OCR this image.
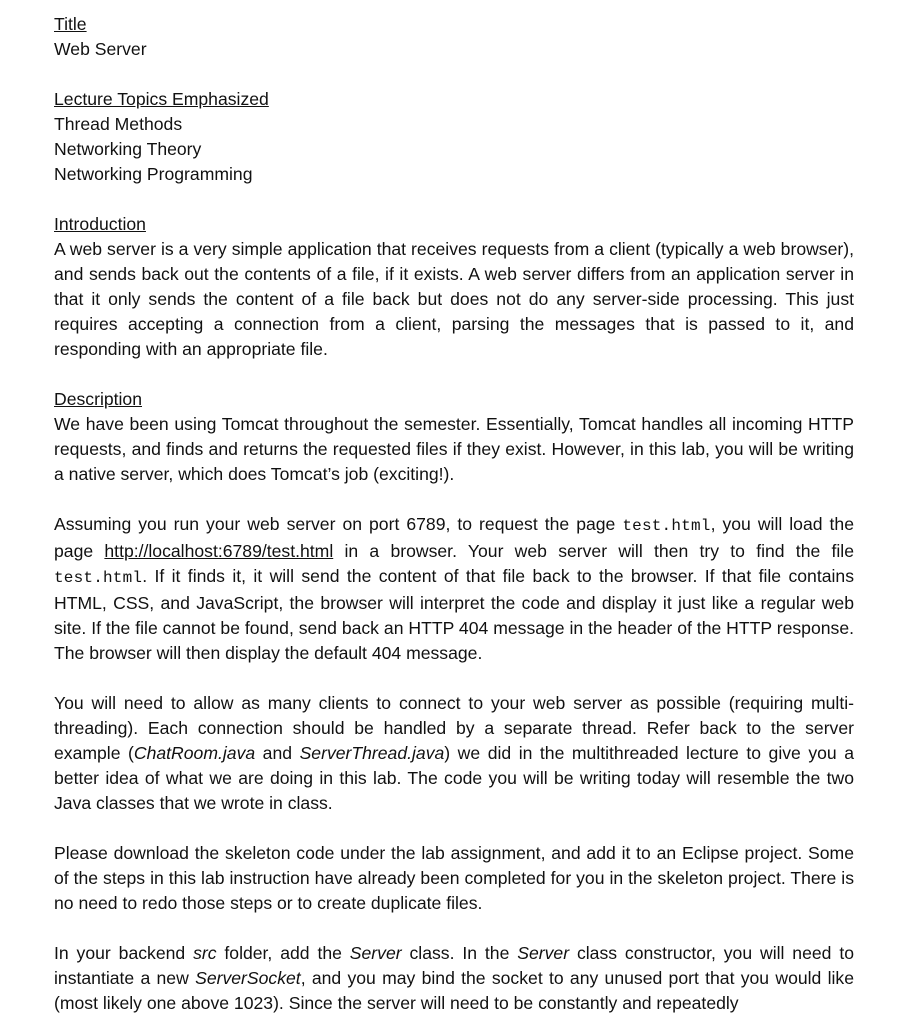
Title
Web Server
Lecture Topics Emphasized
Thread Methods
Networking Theory
Networking Programming
Introduction

A web server is a very simple application that receives requests from a client (typically a web browser), and sends back out the contents of a file, if it exists. A web server differs from an application server in that it only sends the content of a file back but does not do any server-side processing. This just requires accepting a connection from a client, parsing the messages that is passed to it, and responding with an appropriate file.

Description

We have been using Tomcat throughout the semester. Essentially, Tomcat handles all incoming HTTP requests, and finds and returns the requested files if they exist. However, in this lab, you will be writing a native server, which does Tomcat’s job (exciting!).

Assuming you run your web server on port 6789, to request the page test.html, you will load the page http://localhost:6789/test.html in a browser. Your web server will then try to find the file test.html. If it finds it, it will send the content of that file back to the browser. If that file contains HTML, CSS, and JavaScript, the browser will interpret the code and display it just like a regular web site. If the file cannot be found, send back an HTTP 404 message in the header of the HTTP response. The browser will then display the default 404 message.

You will need to allow as many clients to connect to your web server as possible (requiring multi-threading). Each connection should be handled by a separate thread. Refer back to the server example (ChatRoom.java and ServerThread.java) we did in the multithreaded lecture to give you a better idea of what we are doing in this lab. The code you will be writing today will resemble the two Java classes that we wrote in class.

Please download the skeleton code under the lab assignment, and add it to an Eclipse project. Some of the steps in this lab instruction have already been completed for you in the skeleton project. There is no need to redo those steps or to create duplicate files.

In your backend src folder, add the Server class. In the Server class constructor, you will need to instantiate a new ServerSocket, and you may bind the socket to any unused port that you would like (most likely one above 1023). Since the server will need to be constantly and repeatedly
